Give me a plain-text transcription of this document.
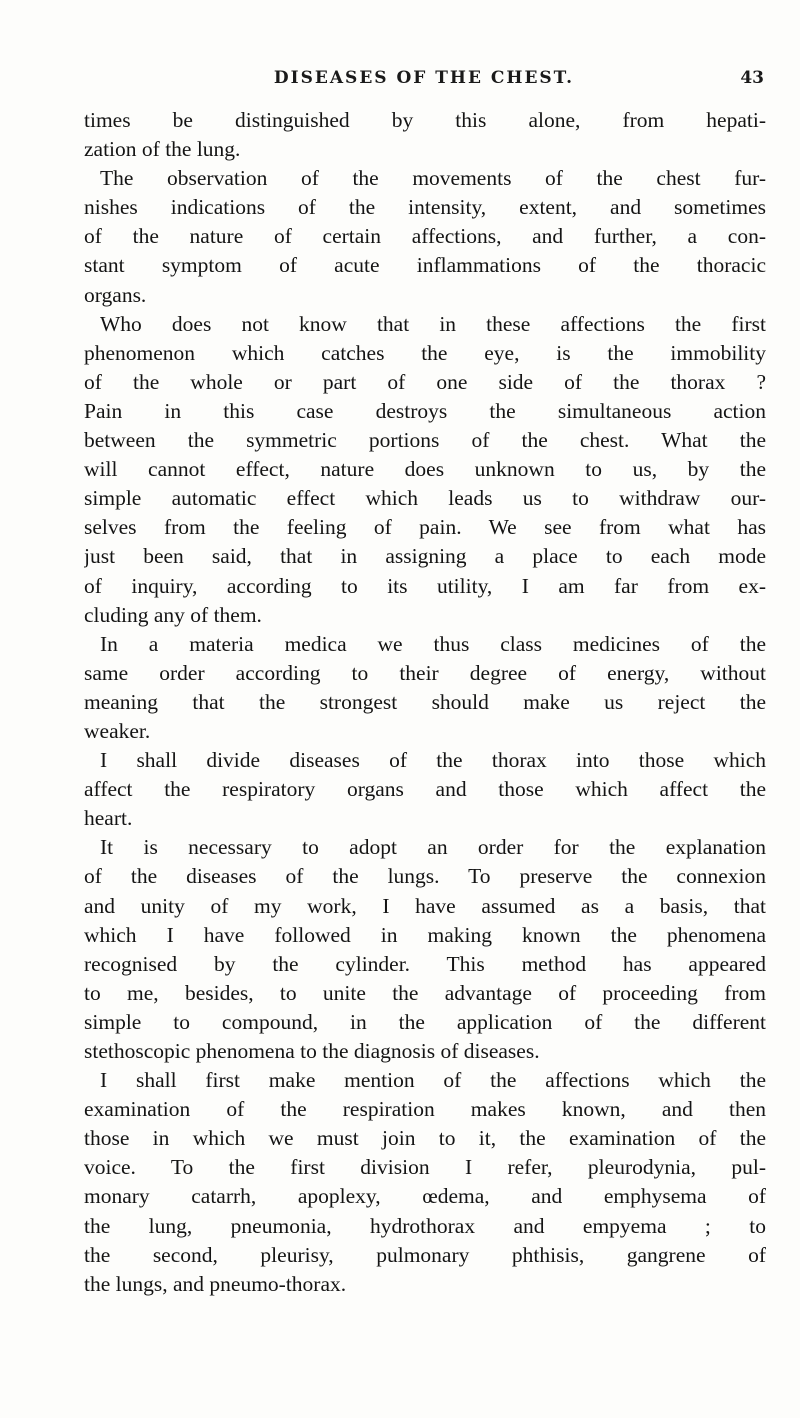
DISEASES OF THE CHEST.	43
times be distinguished by this alone, from hepati-
zation of the lung.
The observation of the movements of the chest fur-
nishes indications of the intensity, extent, and sometimes
of the nature of certain affections, and further, a con-
stant symptom of acute inflammations of the thoracic
organs.
Who does not know that in these affections the first
phenomenon which catches the eye, is the immobility
of the whole or part of one side of the thorax ?
Pain in this case destroys the simultaneous action
between the symmetric portions of the chest. What the
will cannot effect, nature does unknown to us, by the
simple automatic effect which leads us to withdraw our-
selves from the feeling of pain. We see from what has
just been said, that in assigning a place to each mode
of inquiry, according to its utility, I am far from ex-
cluding any of them.
In a materia medica we thus class medicines of the
same order according to their degree of energy, without
meaning that the strongest should make us reject the
weaker.
I shall divide diseases of the thorax into those which
affect the respiratory organs and those which affect the
heart.
It is necessary to adopt an order for the explanation
of the diseases of the lungs. To preserve the connexion
and unity of my work, I have assumed as a basis, that
which I have followed in making known the phenomena
recognised by the cylinder. This method has appeared
to me, besides, to unite the advantage of proceeding from
simple to compound, in the application of the different
stethoscopic phenomena to the diagnosis of diseases.
I shall first make mention of the affections which the
examination of the respiration makes known, and then
those in which we must join to it, the examination of the
voice. To the first division I refer, pleurodynia, pul-
monary catarrh, apoplexy, œdema, and emphysema of
the lung, pneumonia, hydrothorax and empyema ; to
the second, pleurisy, pulmonary phthisis, gangrene of
the lungs, and pneumo-thorax.
